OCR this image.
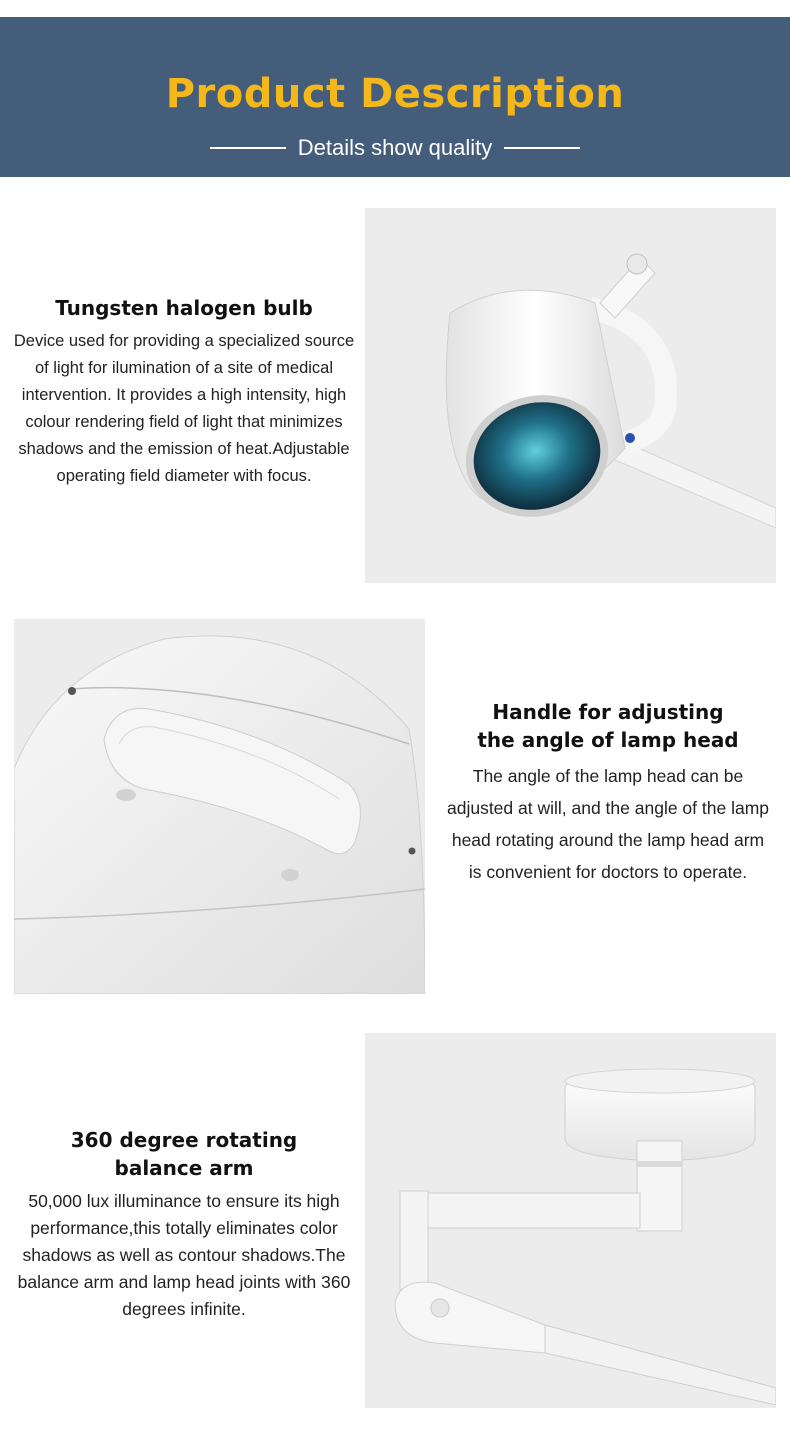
Product Description
Details show quality
Tungsten halogen bulb
Device used for providing a specialized source of light for ilumination of a site of medical intervention. It provides a high intensity, high colour rendering field of light that minimizes shadows and the emission of heat.Adjustable operating field diameter with focus.
Handle for adjusting the angle of lamp head
The angle of the lamp head can be adjusted at will, and the angle of the lamp head rotating around the lamp head arm is convenient for doctors to operate.
360 degree rotating balance arm
50,000 lux illuminance to ensure its high performance,this totally eliminates color shadows as well as contour shadows.The balance arm and lamp head joints with 360 degrees infinite.
